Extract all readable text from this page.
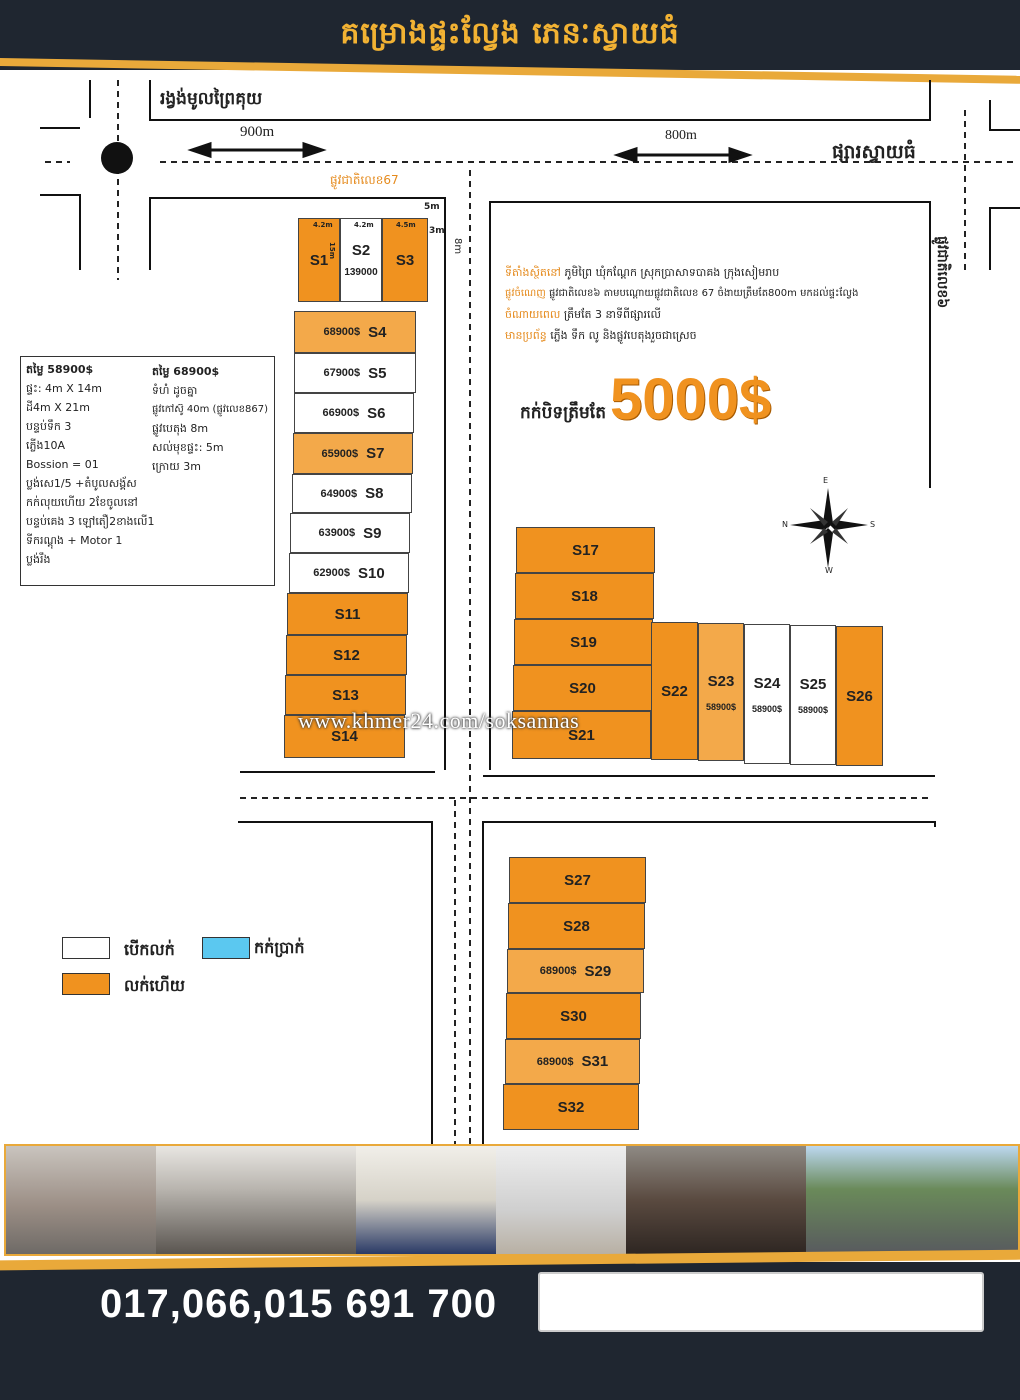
គម្រោងផ្ទះល្វែង ភេនៈស្វាយធំ
រង្វង់មូលព្រៃគុយ
900m	800m
ផ្សារស្វាយធំ
ផ្លូវជាតិលេខ67
ផ្លូវជាតិលេខ៦
8m
5m
3m
S1
S2
139000
S3
4.2m	4.2m	4.5m
15m
68900$ S4
67900$ S5
66900$ S6
65900$ S7
64900$ S8
63900$ S9
62900$ S10
S11
S12
S13
S14
តម្លៃ 58900$
ផ្ទះ: 4m X 14m
ដី4m X 21m
បន្ទប់ទឹក 3
ភ្លើង10A
Bossion = 01
ប្លង់សេ1/5 +តំបូលសង្គ័ស
កក់លុយហើយ 2ខែចូលនៅ
បន្ទប់គេង 3 ឡៅតឿ2ខាងលើ1
ទីករណ្តុង + Motor 1
ប្លង់រឹង
តម្លៃ 68900$
ទំហំ ដូចគ្នា
ផ្លូវកៅស៊ូ 40m (ផ្លូវលេខ867)
ផ្លូវបេតុង 8m
សល់មុខផ្ទះ: 5m
ក្រោយ 3m
ទីតាំងស្ថិតនៅ ភូមិព្រៃ ឃុំកណ្តែក ស្រុកប្រាសាទបាគង ក្រុងសៀមរាប
ផ្លូវចំណេញ ផ្លូវជាតិលេខ៦ តាមបណ្តោយផ្លូវជាតិលេខ 67 ចំងាយត្រឹមតែ800m មកដល់ផ្ទះល្វែង
ចំណាយពេល ត្រឹមតែ 3 នាទីពីផ្សារលើ
មានប្រព័ន្ធ ភ្លើង ទឹក លូ និងផ្លូវបេតុងរួចជាស្រេច
កក់បិទត្រឹមតែ 5000$
E
W
N	S
S17
S18
S19
S20
S21
S22
S23
58900$
S24
58900$
S25
58900$
S26
S27
S28
68900$ S29
S30
68900$ S31
S32
បើកលក់	កក់ប្រាក់
លក់ហើយ
www.khmer24.com/soksannas
017,066,015 691 700
